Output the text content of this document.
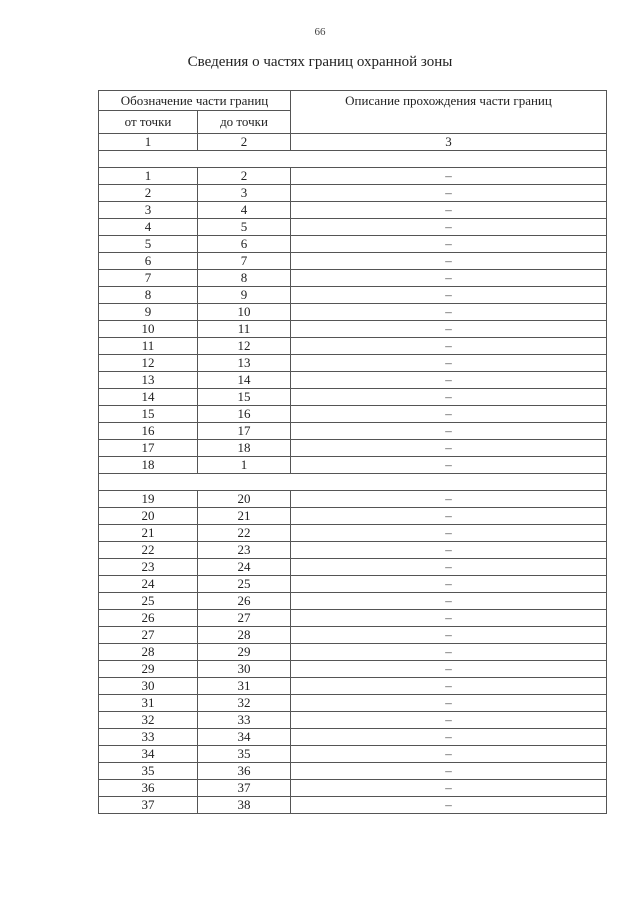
66
Сведения о частях границ охранной зоны
Обозначение части границ		Описание прохождения части границ
от точки	до точки	
1	2	3

1	2	–
2	3	–
3	4	–
4	5	–
5	6	–
6	7	–
7	8	–
8	9	–
9	10	–
10	11	–
11	12	–
12	13	–
13	14	–
14	15	–
15	16	–
16	17	–
17	18	–
18	1	–

19	20	–
20	21	–
21	22	–
22	23	–
23	24	–
24	25	–
25	26	–
26	27	–
27	28	–
28	29	–
29	30	–
30	31	–
31	32	–
32	33	–
33	34	–
34	35	–
35	36	–
36	37	–
37	38	–
